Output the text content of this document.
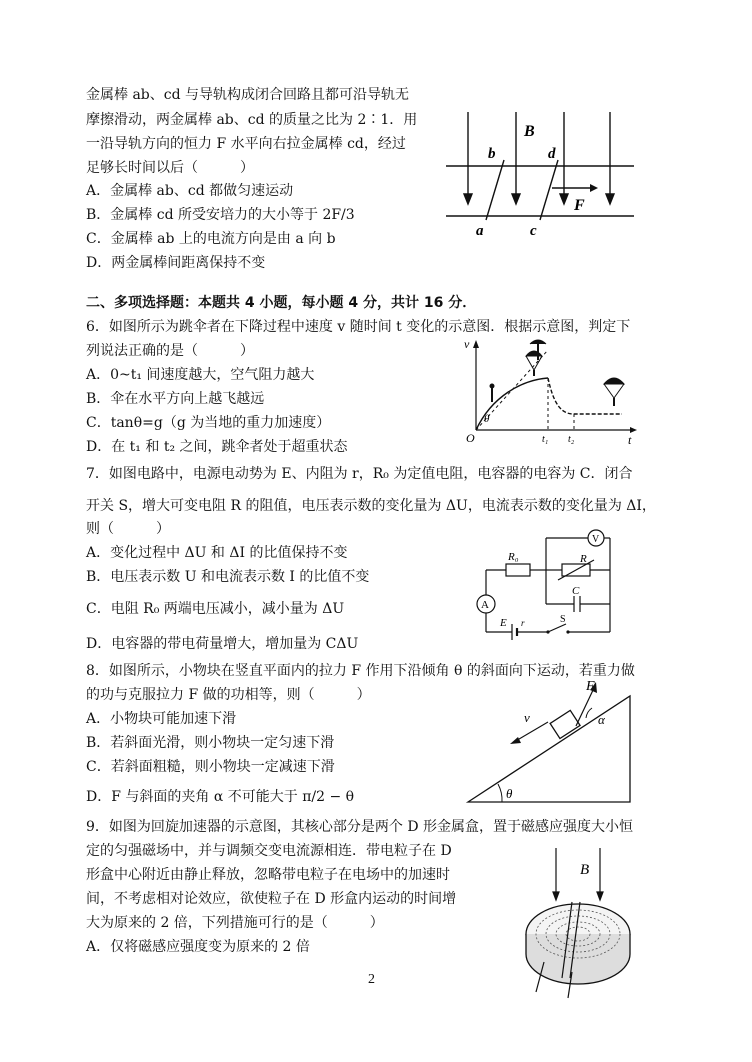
金属棒 ab、cd 与导轨构成闭合回路且都可沿导轨无
摩擦滑动，两金属棒 ab、cd 的质量之比为 2∶1．用
一沿导轨方向的恒力 F 水平向右拉金属棒 cd，经过
足够长时间以后（　　　）
A．金属棒 ab、cd 都做匀速运动
B．金属棒 cd 所受安培力的大小等于 2F/3
C．金属棒 ab 上的电流方向是由 a 向 b
D．两金属棒间距离保持不变
B
b	d
a	c
F
二、多项选择题：本题共 4 小题，每小题 4 分，共计 16 分．
6．如图所示为跳伞者在下降过程中速度 v 随时间 t 变化的示意图．根据示意图，判定下
列说法正确的是（　　　）
A．0~t₁ 间速度越大，空气阻力越大
B．伞在水平方向上越飞越远
C．tanθ=g（g 为当地的重力加速度）
D．在 t₁ 和 t₂ 之间，跳伞者处于超重状态
v
t
O
θ
t₁ t₂
7．如图电路中，电源电动势为 E、内阻为 r，R₀ 为定值电阻，电容器的电容为 C．闭合
开关 S，增大可变电阻 R 的阻值，电压表示数的变化量为 ΔU，电流表示数的变化量为 ΔI，
则（　　　）
A．变化过程中 ΔU 和 ΔI 的比值保持不变
B．电压表示数 U 和电流表示数 I 的比值不变
C．电阻 R₀ 两端电压减小，减小量为 ΔU
D．电容器的带电荷量增大，增加量为 CΔU
V
R₀	R
A
C
E r	S
8．如图所示，小物块在竖直平面内的拉力 F 作用下沿倾角 θ 的斜面向下运动，若重力做
的功与克服拉力 F 做的功相等，则（　　　）
A．小物块可能加速下滑
B．若斜面光滑，则小物块一定匀速下滑
C．若斜面粗糙，则小物块一定减速下滑
D．F 与斜面的夹角 α 不可能大于 π/2 − θ
F
v	α
θ
9．如图为回旋加速器的示意图，其核心部分是两个 D 形金属盒，置于磁感应强度大小恒
定的匀强磁场中，并与调频交变电流源相连．带电粒子在 D
形盒中心附近由静止释放，忽略带电粒子在电场中的加速时
间，不考虑相对论效应，欲使粒子在 D 形盒内运动的时间增
大为原来的 2 倍，下列措施可行的是（　　　）
A．仅将磁感应强度变为原来的 2 倍
B
2
